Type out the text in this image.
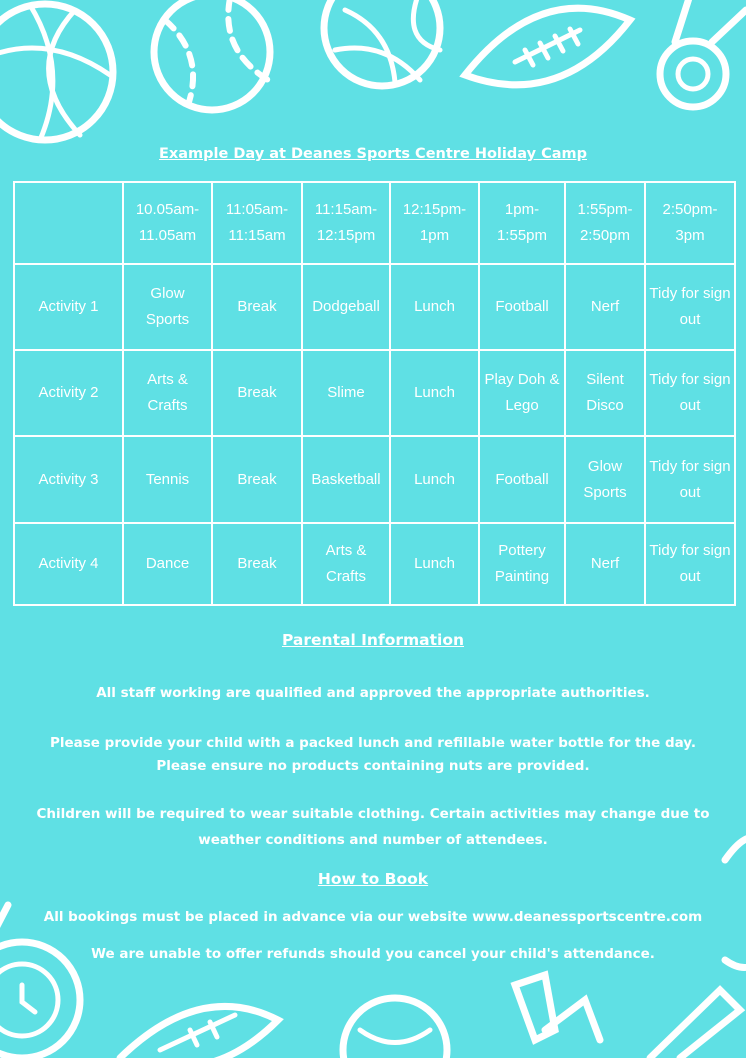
Example Day at Deanes Sports Centre Holiday Camp
	10.05am-11.05am	11:05am-11:15am	11:15am-12:15pm	12:15pm-1pm	1pm-1:55pm	1:55pm-2:50pm	2:50pm-3pm
Activity 1	Glow Sports	Break	Dodgeball	Lunch	Football	Nerf	Tidy for sign out
Activity 2	Arts & Crafts	Break	Slime	Lunch	Play Doh & Lego	Silent Disco	Tidy for sign out
Activity 3	Tennis	Break	Basketball	Lunch	Football	Glow Sports	Tidy for sign out
Activity 4	Dance	Break	Arts & Crafts	Lunch	Pottery Painting	Nerf	Tidy for sign out
Parental Information
All staff working are qualified and approved the appropriate authorities.
Please provide your child with a packed lunch and refillable water bottle for the day. Please ensure no products containing nuts are provided.
Children will be required to wear suitable clothing. Certain activities may change due to weather conditions and number of attendees.
How to Book
All bookings must be placed in advance via our website www.deanessportscentre.com
We are unable to offer refunds should you cancel your child's attendance.
